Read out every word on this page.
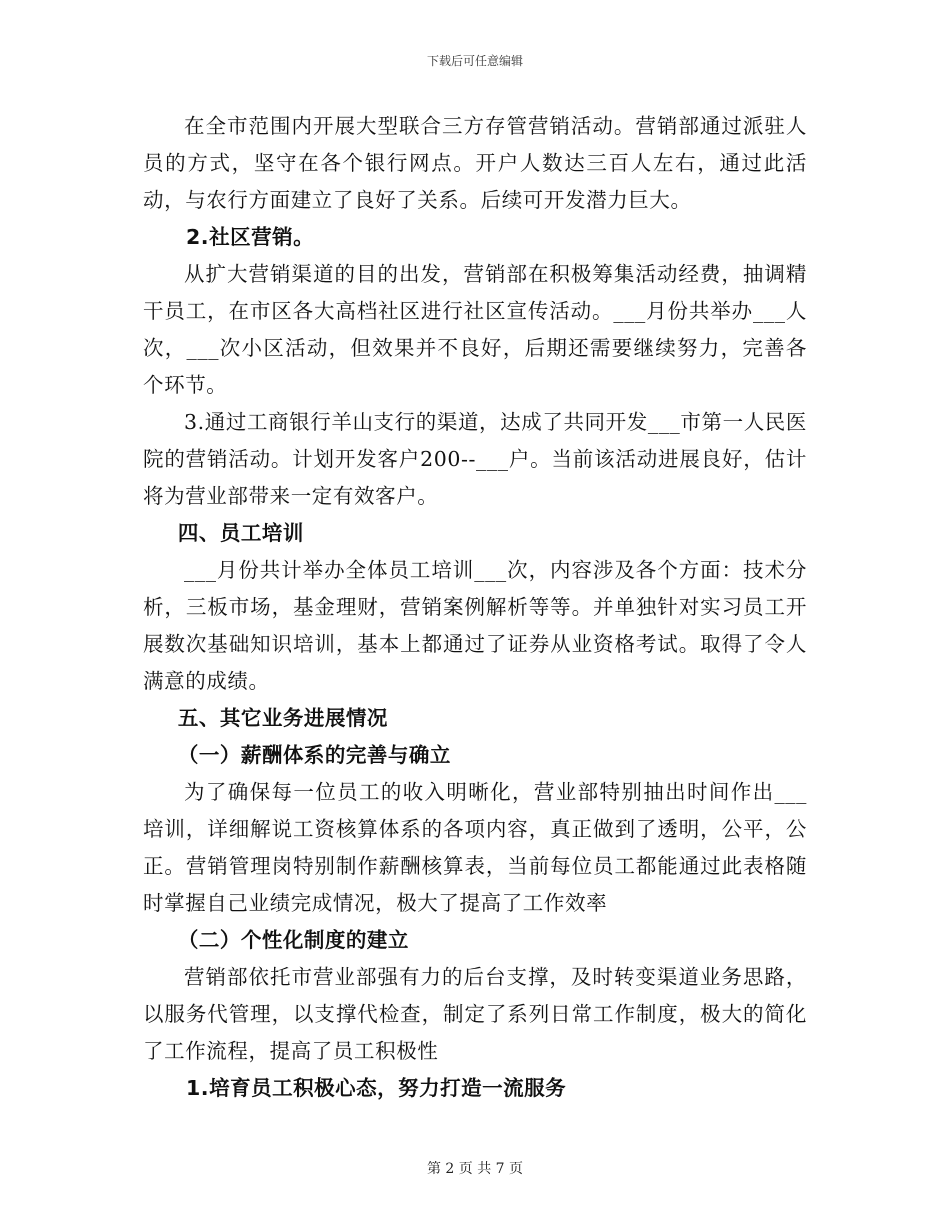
下载后可任意编辑

在全市范围内开展大型联合三方存管营销活动。营销部通过派驻人员的方式，坚守在各个银行网点。开户人数达三百人左右，通过此活动，与农行方面建立了良好了关系。后续可开发潜力巨大。

2.社区营销。

从扩大营销渠道的目的出发，营销部在积极筹集活动经费，抽调精干员工，在市区各大高档社区进行社区宣传活动。___月份共举办___人次，___次小区活动，但效果并不良好，后期还需要继续努力，完善各个环节。

3.通过工商银行羊山支行的渠道，达成了共同开发___市第一人民医院的营销活动。计划开发客户200--___户。当前该活动进展良好，估计将为营业部带来一定有效客户。

四、员工培训

___月份共计举办全体员工培训___次，内容涉及各个方面：技术分析，三板市场，基金理财，营销案例解析等等。并单独针对实习员工开展数次基础知识培训，基本上都通过了证券从业资格考试。取得了令人满意的成绩。

五、其它业务进展情况

（一）薪酬体系的完善与确立

为了确保每一位员工的收入明晰化，营业部特别抽出时间作出___培训，详细解说工资核算体系的各项内容，真正做到了透明，公平，公正。营销管理岗特别制作薪酬核算表，当前每位员工都能通过此表格随时掌握自己业绩完成情况，极大了提高了工作效率

（二）个性化制度的建立

营销部依托市营业部强有力的后台支撑，及时转变渠道业务思路，以服务代管理，以支撑代检查，制定了系列日常工作制度，极大的简化了工作流程，提高了员工积极性

1.培育员工积极心态，努力打造一流服务

第 2 页 共 7 页
